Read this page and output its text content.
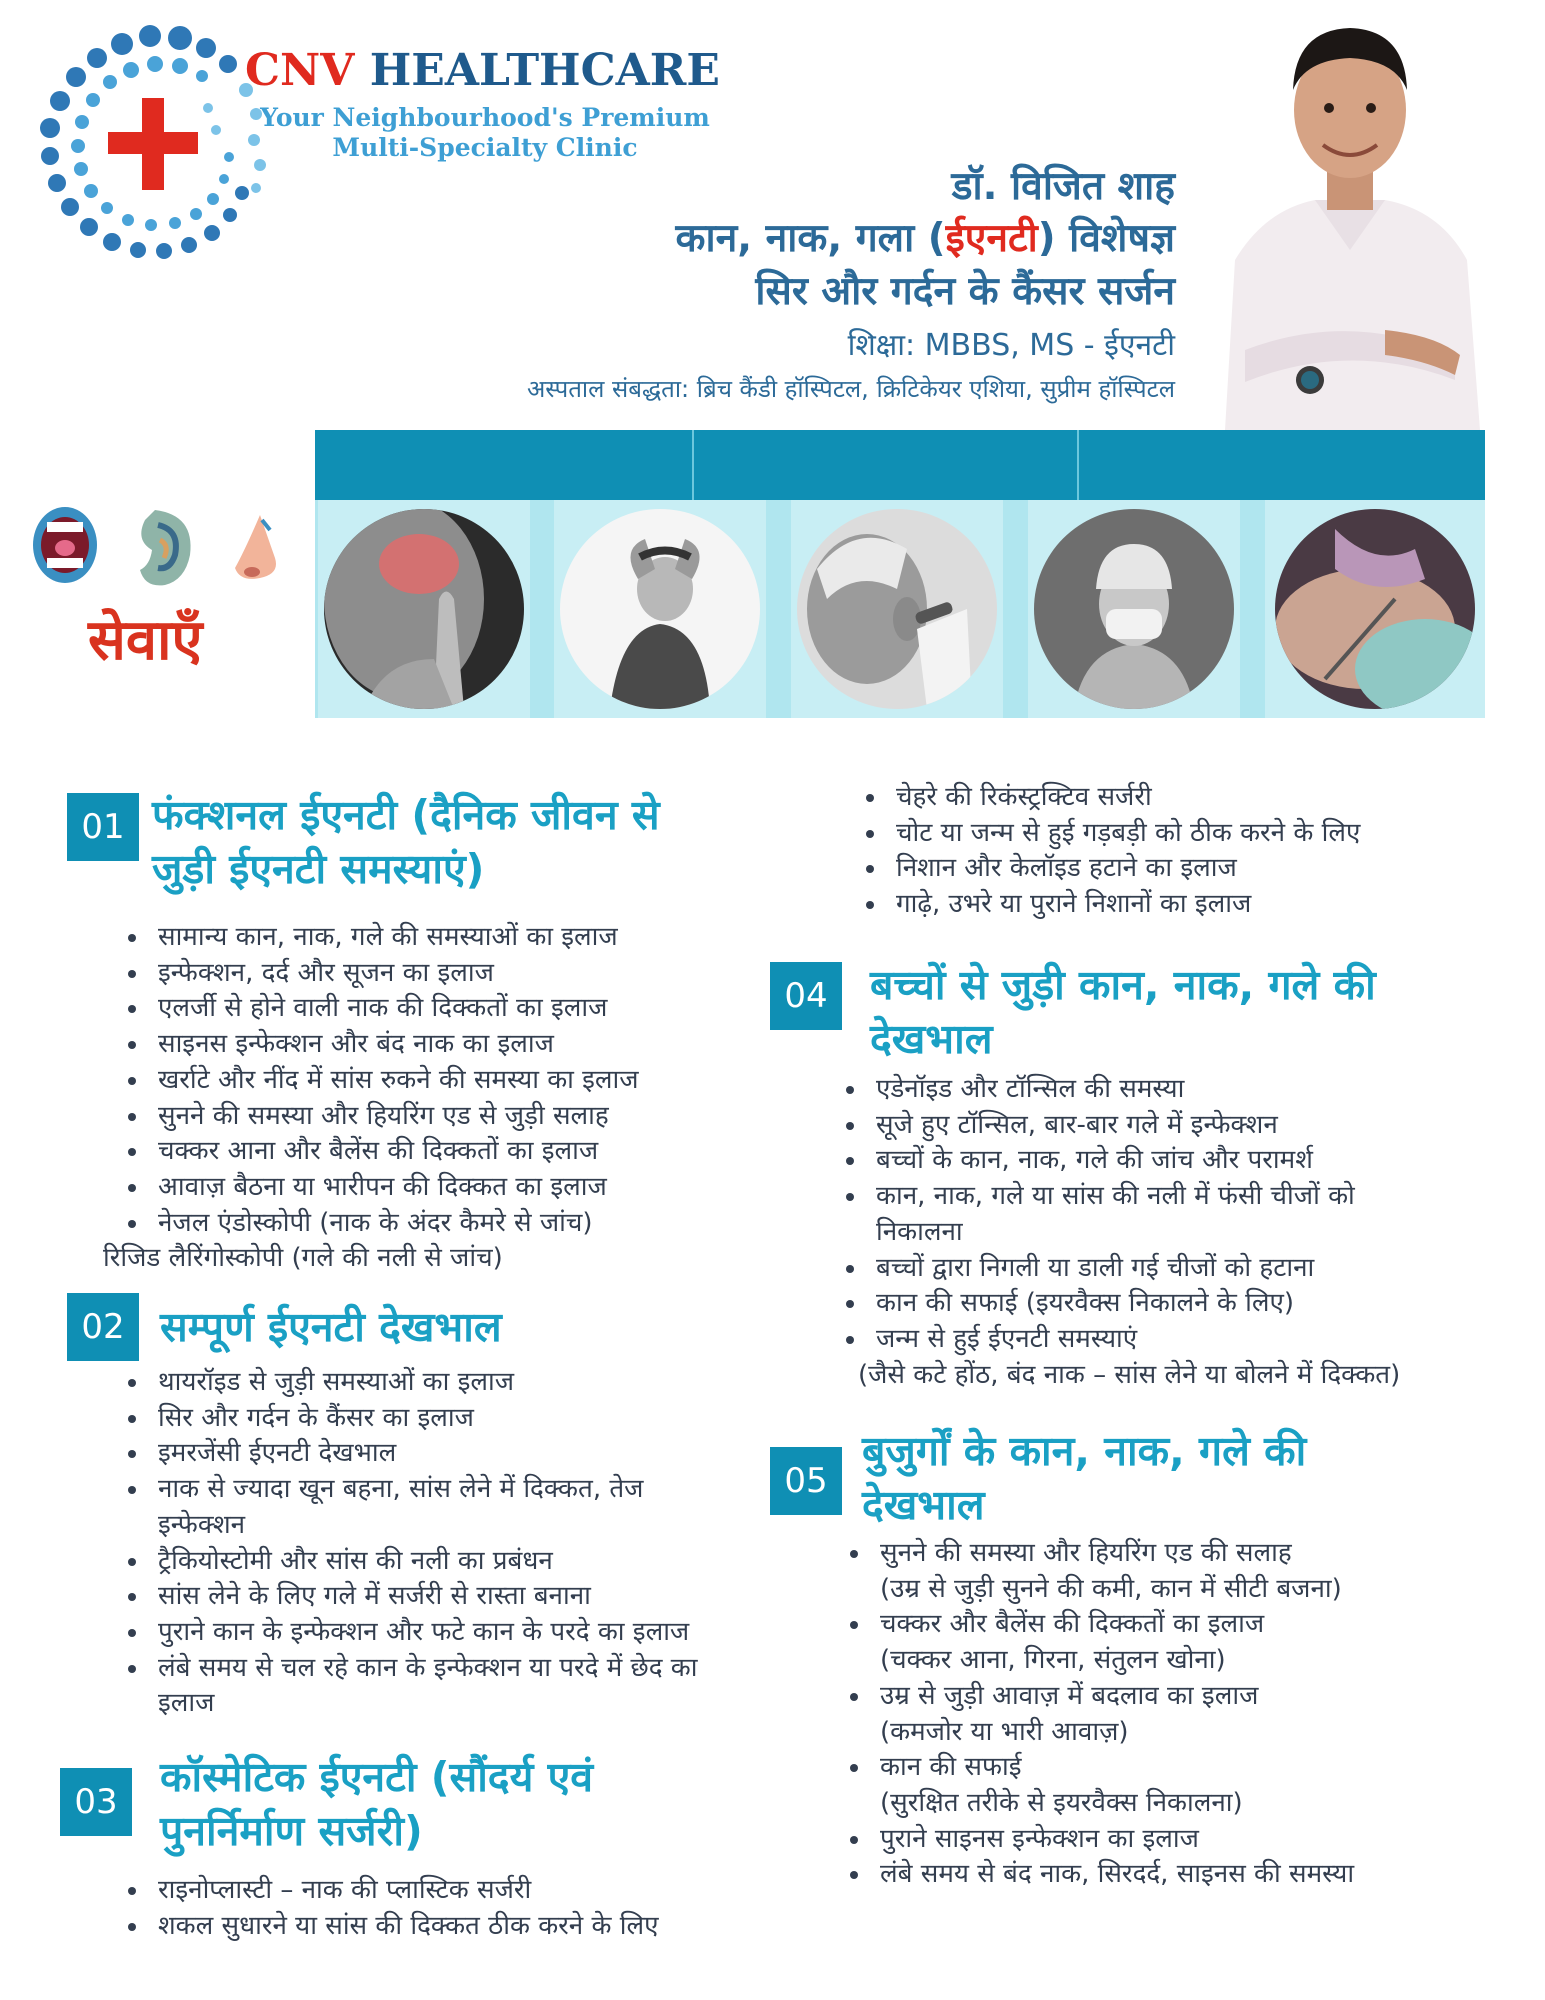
CNV HEALTHCARE
Your Neighbourhood's Premium
Multi-Specialty Clinic
डॉ. विजित शाह
कान, नाक, गला (ईएनटी) विशेषज्ञ
सिर और गर्दन के कैंसर सर्जन
शिक्षा: MBBS, MS - ईएनटी
अस्पताल संबद्धता: ब्रिच कैंडी हॉस्पिटल, क्रिटिकेयर एशिया, सुप्रीम हॉस्पिटल
सेवाएँ
01 फंक्शनल ईएनटी (दैनिक जीवन से
जुड़ी ईएनटी समस्याएं)
• सामान्य कान, नाक, गले की समस्याओं का इलाज
• इन्फेक्शन, दर्द और सूजन का इलाज
• एलर्जी से होने वाली नाक की दिक्कतों का इलाज
• साइनस इन्फेक्शन और बंद नाक का इलाज
• खर्राटे और नींद में सांस रुकने की समस्या का इलाज
• सुनने की समस्या और हियरिंग एड से जुड़ी सलाह
• चक्कर आना और बैलेंस की दिक्कतों का इलाज
• आवाज़ बैठना या भारीपन की दिक्कत का इलाज
• नेजल एंडोस्कोपी (नाक के अंदर कैमरे से जांच)
रिजिड लैरिंगोस्कोपी (गले की नली से जांच)
02 सम्पूर्ण ईएनटी देखभाल
• थायरॉइड से जुड़ी समस्याओं का इलाज
• सिर और गर्दन के कैंसर का इलाज
• इमरजेंसी ईएनटी देखभाल
• नाक से ज्यादा खून बहना, सांस लेने में दिक्कत, तेज
इन्फेक्शन
• ट्रैकियोस्टोमी और सांस की नली का प्रबंधन
• सांस लेने के लिए गले में सर्जरी से रास्ता बनाना
• पुराने कान के इन्फेक्शन और फटे कान के परदे का इलाज
• लंबे समय से चल रहे कान के इन्फेक्शन या परदे में छेद का
इलाज
03
कॉस्मेटिक ईएनटी (सौंदर्य एवं
पुनर्निर्माण सर्जरी)
• राइनोप्लास्टी – नाक की प्लास्टिक सर्जरी
• शकल सुधारने या सांस की दिक्कत ठीक करने के लिए
• चेहरे की रिकंस्ट्रक्टिव सर्जरी
• चोट या जन्म से हुई गड़बड़ी को ठीक करने के लिए
• निशान और केलॉइड हटाने का इलाज
• गाढ़े, उभरे या पुराने निशानों का इलाज
04	बच्चों से जुड़ी कान, नाक, गले की
देखभाल
• एडेनॉइड और टॉन्सिल की समस्या
• सूजे हुए टॉन्सिल, बार-बार गले में इन्फेक्शन
• बच्चों के कान, नाक, गले की जांच और परामर्श
• कान, नाक, गले या सांस की नली में फंसी चीजों को
निकालना
• बच्चों द्वारा निगली या डाली गई चीजों को हटाना
• कान की सफाई (इयरवैक्स निकालने के लिए)
• जन्म से हुई ईएनटी समस्याएं
(जैसे कटे होंठ, बंद नाक – सांस लेने या बोलने में दिक्कत)
05
बुजुर्गों के कान, नाक, गले की
देखभाल
• सुनने की समस्या और हियरिंग एड की सलाह
(उम्र से जुड़ी सुनने की कमी, कान में सीटी बजना)
• चक्कर और बैलेंस की दिक्कतों का इलाज
(चक्कर आना, गिरना, संतुलन खोना)
• उम्र से जुड़ी आवाज़ में बदलाव का इलाज
(कमजोर या भारी आवाज़)
• कान की सफाई
(सुरक्षित तरीके से इयरवैक्स निकालना)
• पुराने साइनस इन्फेक्शन का इलाज
• लंबे समय से बंद नाक, सिरदर्द, साइनस की समस्या
